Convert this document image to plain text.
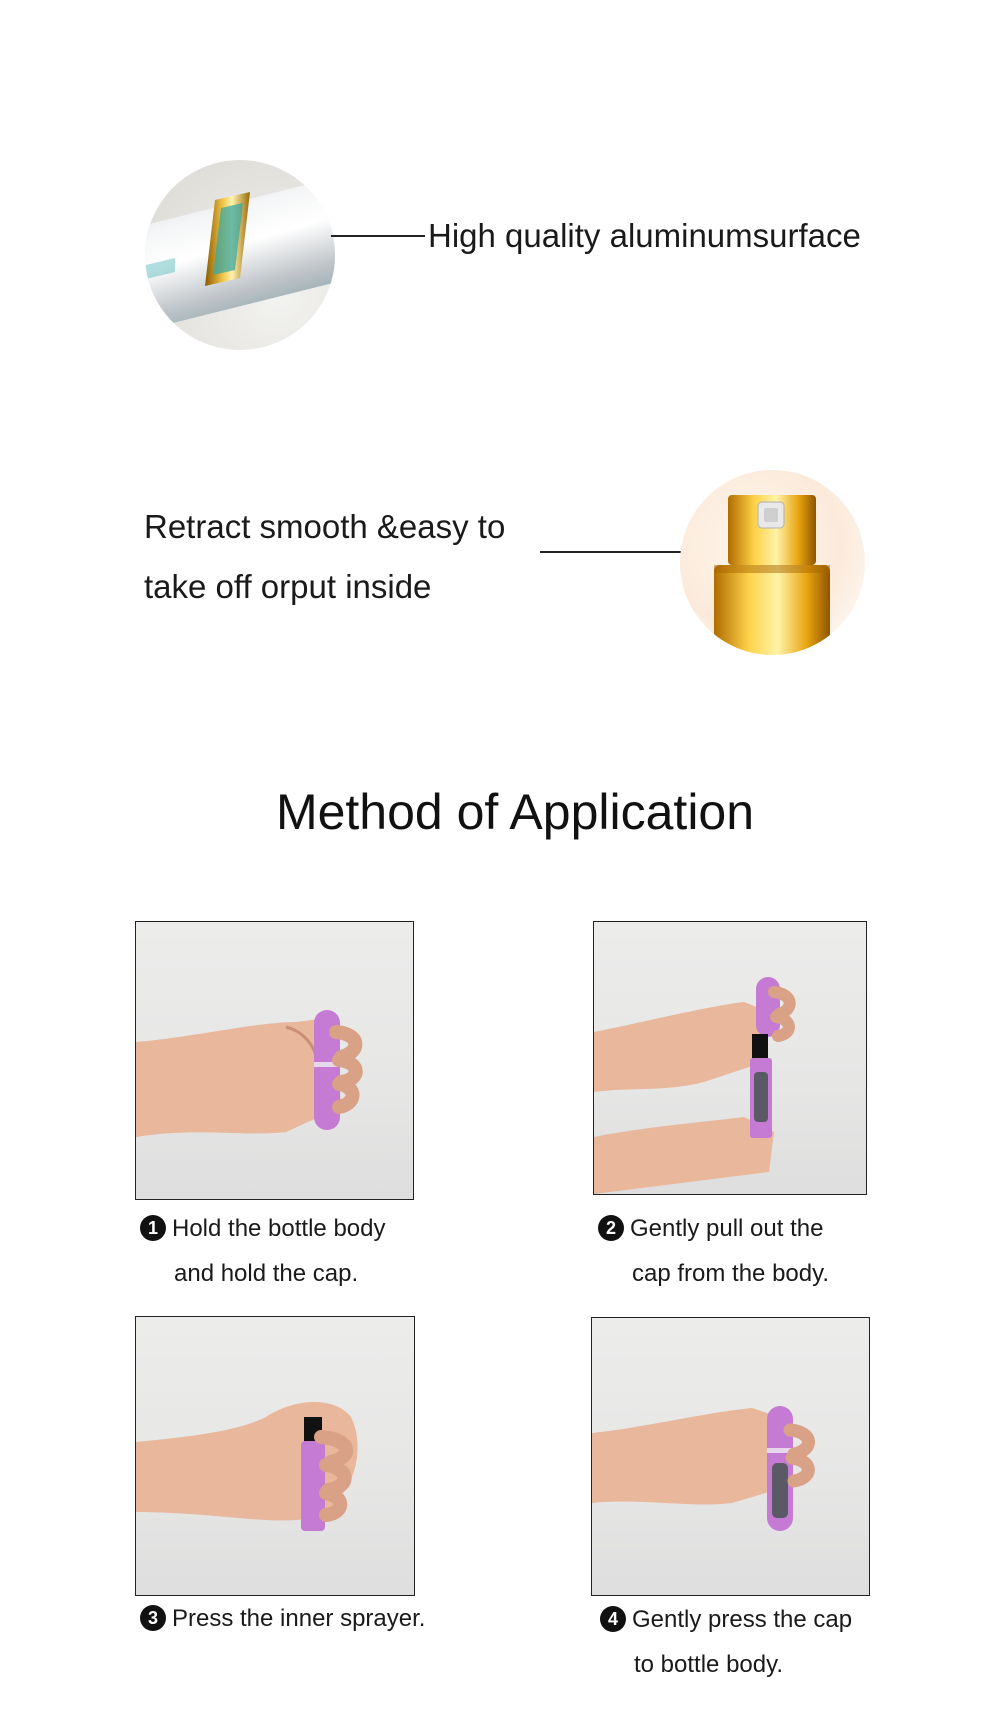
High quality aluminumsurface
Retract smooth &easy to
take off orput inside
Method of Application
1 Hold the bottle body
and hold the cap.
2 Gently pull out the
cap from the body.
3 Press the inner sprayer.	4 Gently press the cap
to bottle body.
